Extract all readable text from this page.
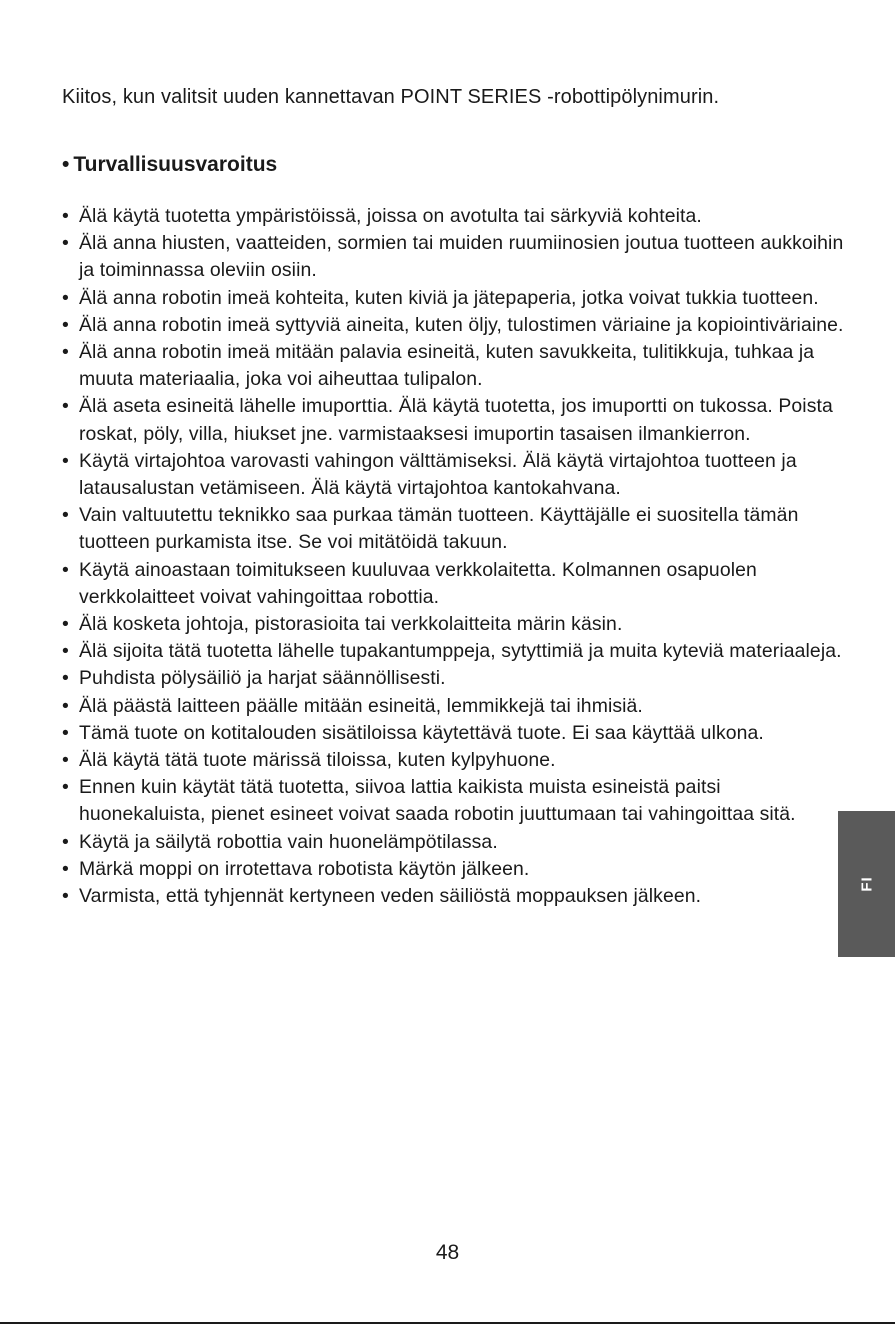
Kiitos, kun valitsit uuden kannettavan POINT SERIES -robottipölynimurin.
• Turvallisuusvaroitus
• Älä käytä tuotetta ympäristöissä, joissa on avotulta tai särkyviä kohteita.
• Älä anna hiusten, vaatteiden, sormien tai muiden ruumiinosien joutua tuotteen aukkoihin ja toiminnassa oleviin osiin.
• Älä anna robotin imeä kohteita, kuten kiviä ja jätepaperia, jotka voivat tukkia tuotteen.
• Älä anna robotin imeä syttyviä aineita, kuten öljy, tulostimen väriaine ja kopiointiväriaine.
• Älä anna robotin imeä mitään palavia esineitä, kuten savukkeita, tulitikkuja, tuhkaa ja muuta materiaalia, joka voi aiheuttaa tulipalon.
• Älä aseta esineitä lähelle imuporttia. Älä käytä tuotetta, jos imuportti on tukossa. Poista roskat, pöly, villa, hiukset jne. varmistaaksesi imuportin tasaisen ilmankierron.
• Käytä virtajohtoa varovasti vahingon välttämiseksi. Älä käytä virtajohtoa tuotteen ja latausalustan vetämiseen. Älä käytä virtajohtoa kantokahvana.
• Vain valtuutettu teknikko saa purkaa tämän tuotteen. Käyttäjälle ei suositella tämän tuotteen purkamista itse. Se voi mitätöidä takuun.
• Käytä ainoastaan toimitukseen kuuluvaa verkkolaitetta. Kolmannen osapuolen verkkolaitteet voivat vahingoittaa robottia.
• Älä kosketa johtoja, pistorasioita tai verkkolaitteita märin käsin.
• Älä sijoita tätä tuotetta lähelle tupakantumppeja, sytyttimiä ja muita kyteviä materiaaleja.
• Puhdista pölysäiliö ja harjat säännöllisesti.
• Älä päästä laitteen päälle mitään esineitä, lemmikkejä tai ihmisiä.
• Tämä tuote on kotitalouden sisätiloissa käytettävä tuote. Ei saa käyttää ulkona.
• Älä käytä tätä tuote märissä tiloissa, kuten kylpyhuone.
• Ennen kuin käytät tätä tuotetta, siivoa lattia kaikista muista esineistä paitsi huonekaluista, pienet esineet voivat saada robotin juuttumaan tai vahingoittaa sitä.
• Käytä ja säilytä robottia vain huonelämpötilassa.
• Märkä moppi on irrotettava robotista käytön jälkeen.
• Varmista, että tyhjennät kertyneen veden säiliöstä moppauksen jälkeen.
FI
48
